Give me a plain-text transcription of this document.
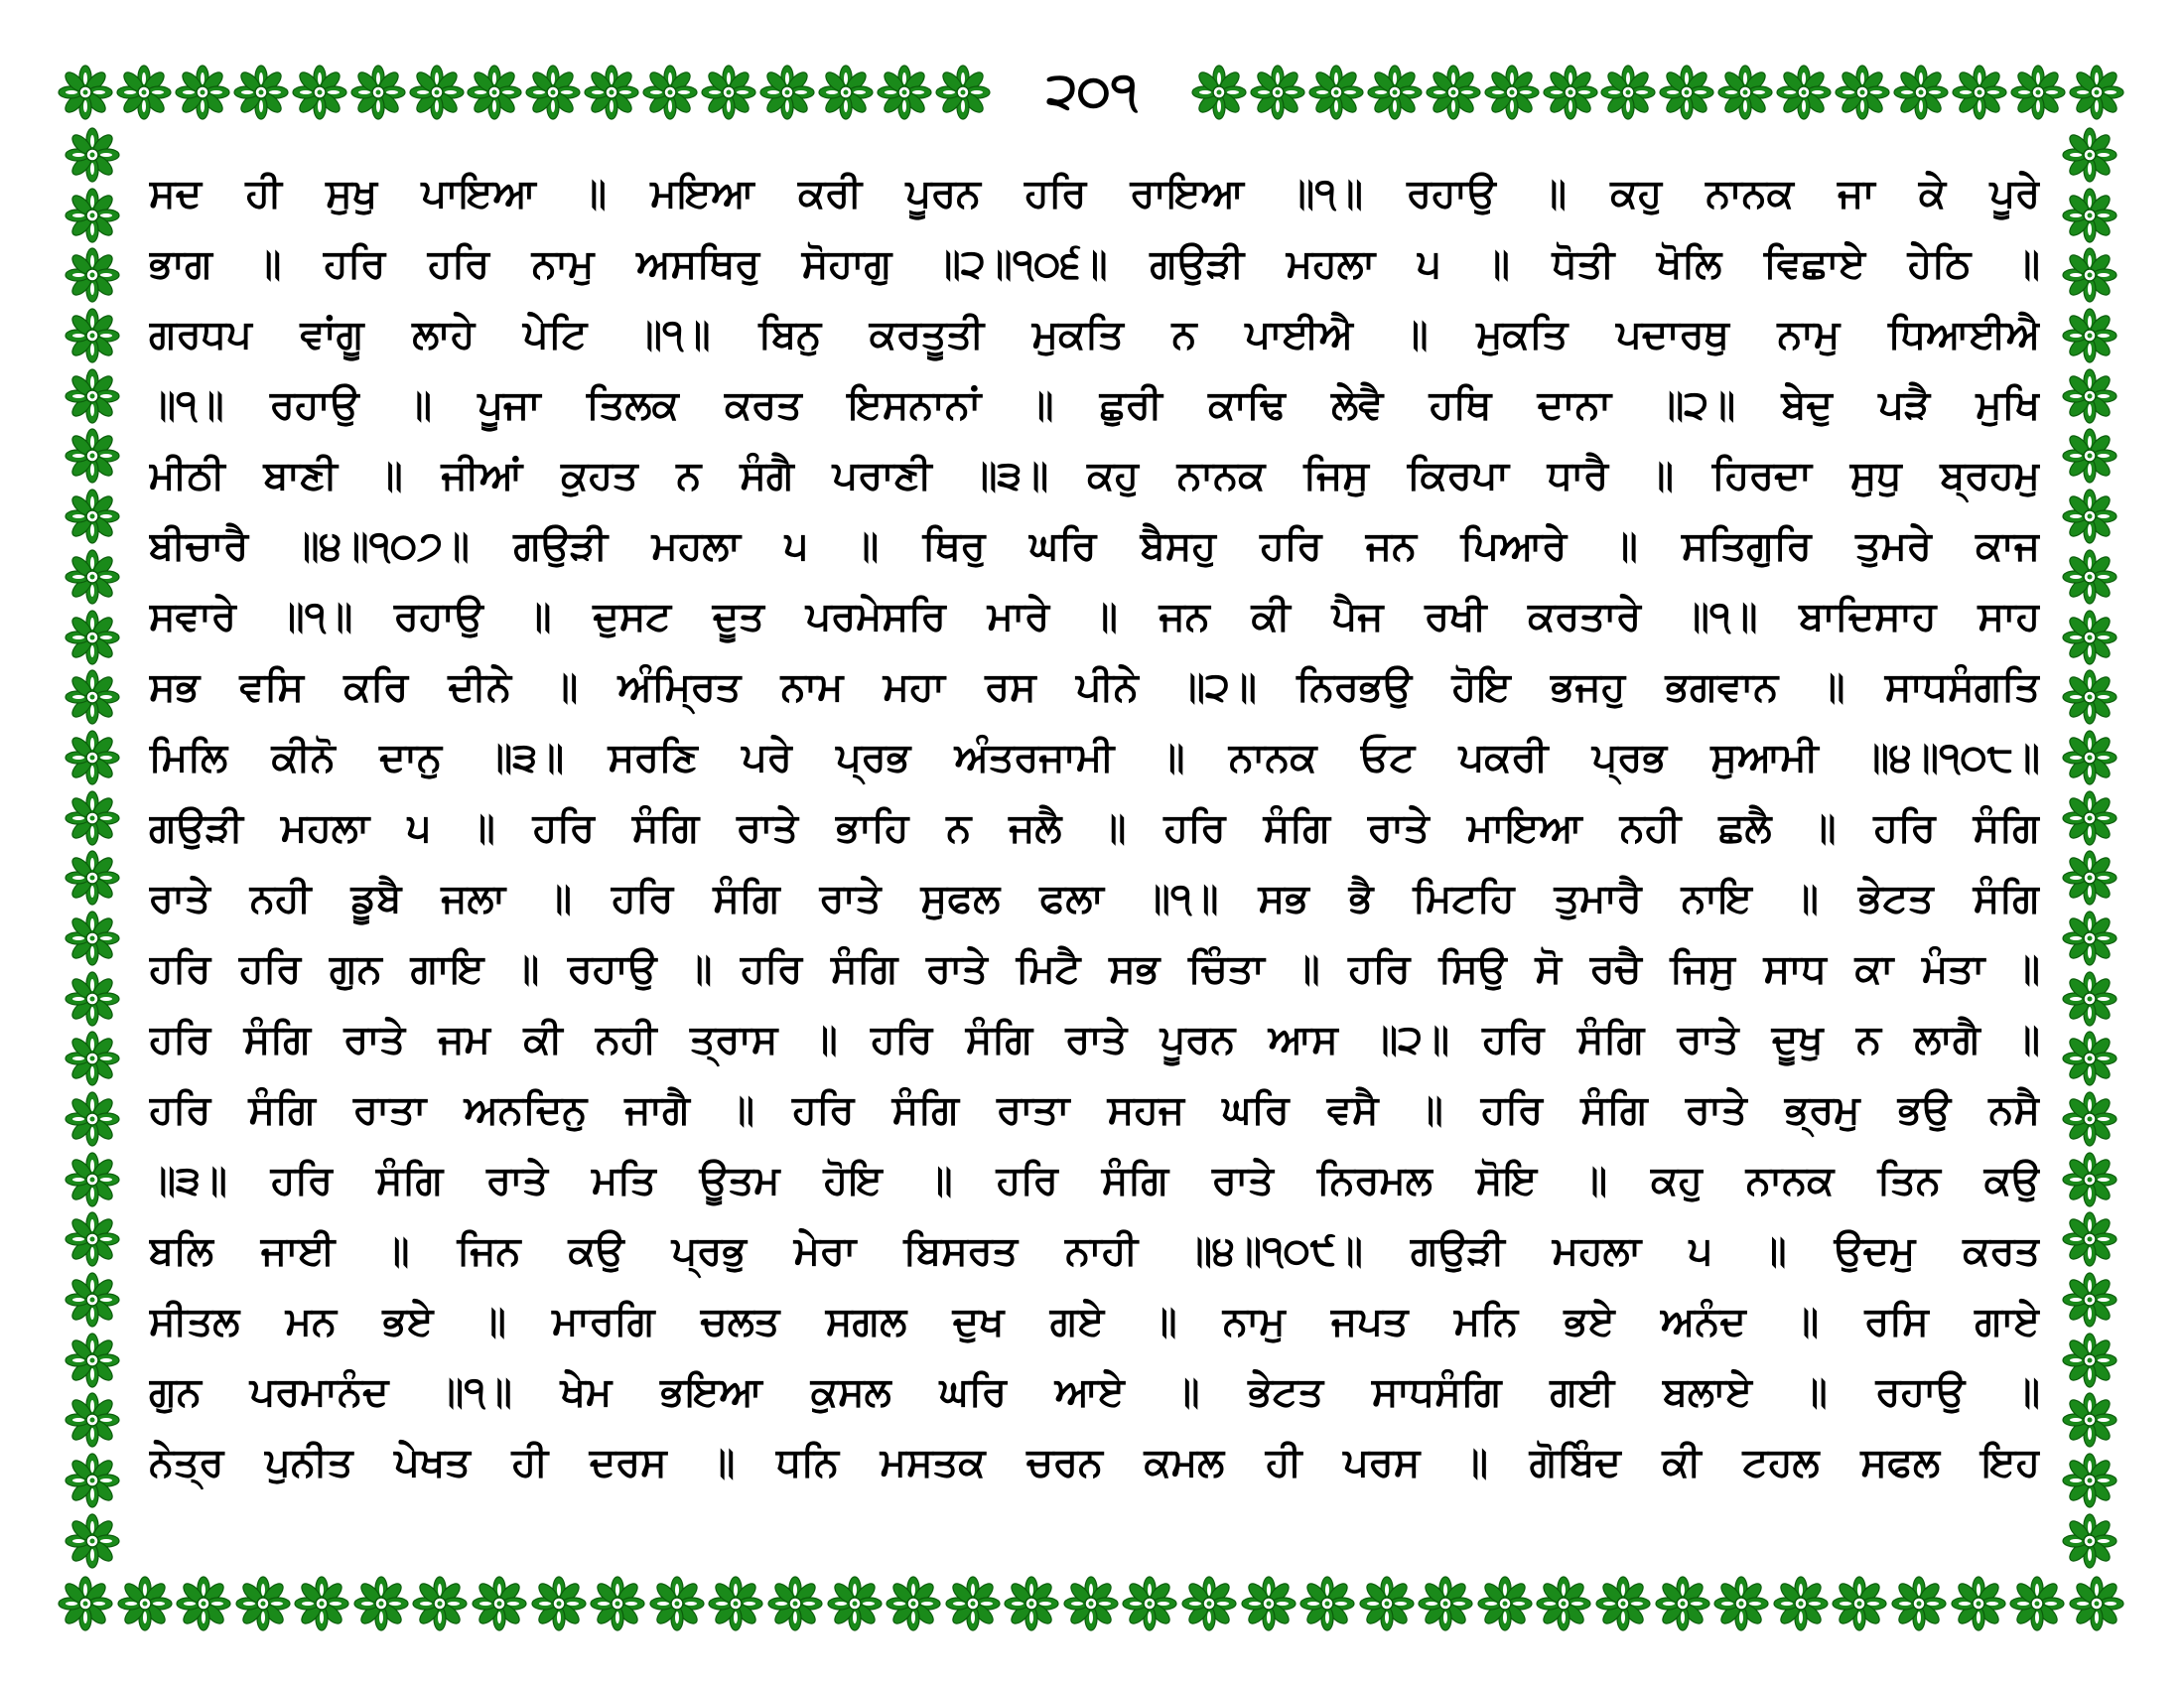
੨੦੧
ਸਦ ਹੀ ਸੁਖੁ ਪਾਇਆ ॥ ਮਇਆ ਕਰੀ ਪੂਰਨ ਹਰਿ ਰਾਇਆ ॥੧॥ ਰਹਾਉ ॥ ਕਹੁ ਨਾਨਕ ਜਾ ਕੇ ਪੂਰੇ
ਭਾਗ ॥ ਹਰਿ ਹਰਿ ਨਾਮੁ ਅਸਥਿਰੁ ਸੋਹਾਗੁ ॥੨॥੧੦੬॥ ਗਉੜੀ ਮਹਲਾ ੫ ॥ ਧੋਤੀ ਖੋਲਿ ਵਿਛਾਏ ਹੇਠਿ ॥
ਗਰਧਪ ਵਾਂਗੂ ਲਾਹੇ ਪੇਟਿ ॥੧॥ ਬਿਨੁ ਕਰਤੂਤੀ ਮੁਕਤਿ ਨ ਪਾਈਐ ॥ ਮੁਕਤਿ ਪਦਾਰਥੁ ਨਾਮੁ ਧਿਆਈਐ
॥੧॥ ਰਹਾਉ ॥ ਪੂਜਾ ਤਿਲਕ ਕਰਤ ਇਸਨਾਨਾਂ ॥ ਛੁਰੀ ਕਾਢਿ ਲੇਵੈ ਹਥਿ ਦਾਨਾ ॥੨॥ ਬੇਦੁ ਪੜੈ ਮੁਖਿ
ਮੀਠੀ ਬਾਣੀ ॥ ਜੀਆਂ ਕੁਹਤ ਨ ਸੰਗੈ ਪਰਾਣੀ ॥੩॥ ਕਹੁ ਨਾਨਕ ਜਿਸੁ ਕਿਰਪਾ ਧਾਰੈ ॥ ਹਿਰਦਾ ਸੁਧੁ ਬ੍ਰਹਮੁ
ਬੀਚਾਰੈ ॥੪॥੧੦੭॥ ਗਉੜੀ ਮਹਲਾ ੫ ॥ ਥਿਰੁ ਘਰਿ ਬੈਸਹੁ ਹਰਿ ਜਨ ਪਿਆਰੇ ॥ ਸਤਿਗੁਰਿ ਤੁਮਰੇ ਕਾਜ
ਸਵਾਰੇ ॥੧॥ ਰਹਾਉ ॥ ਦੁਸਟ ਦੂਤ ਪਰਮੇਸਰਿ ਮਾਰੇ ॥ ਜਨ ਕੀ ਪੈਜ ਰਖੀ ਕਰਤਾਰੇ ॥੧॥ ਬਾਦਿਸਾਹ ਸਾਹ
ਸਭ ਵਸਿ ਕਰਿ ਦੀਨੇ ॥ ਅੰਮ੍ਰਿਤ ਨਾਮ ਮਹਾ ਰਸ ਪੀਨੇ ॥੨॥ ਨਿਰਭਉ ਹੋਇ ਭਜਹੁ ਭਗਵਾਨ ॥ ਸਾਧਸੰਗਤਿ
ਮਿਲਿ ਕੀਨੋ ਦਾਨੁ ॥੩॥ ਸਰਣਿ ਪਰੇ ਪ੍ਰਭ ਅੰਤਰਜਾਮੀ ॥ ਨਾਨਕ ਓਟ ਪਕਰੀ ਪ੍ਰਭ ਸੁਆਮੀ ॥੪॥੧੦੮॥
ਗਉੜੀ ਮਹਲਾ ੫ ॥ ਹਰਿ ਸੰਗਿ ਰਾਤੇ ਭਾਹਿ ਨ ਜਲੈ ॥ ਹਰਿ ਸੰਗਿ ਰਾਤੇ ਮਾਇਆ ਨਹੀ ਛਲੈ ॥ ਹਰਿ ਸੰਗਿ
ਰਾਤੇ ਨਹੀ ਡੂਬੈ ਜਲਾ ॥ ਹਰਿ ਸੰਗਿ ਰਾਤੇ ਸੁਫਲ ਫਲਾ ॥੧॥ ਸਭ ਭੈ ਮਿਟਹਿ ਤੁਮਾਰੈ ਨਾਇ ॥ ਭੇਟਤ ਸੰਗਿ
ਹਰਿ ਹਰਿ ਗੁਨ ਗਾਇ ॥ ਰਹਾਉ ॥ ਹਰਿ ਸੰਗਿ ਰਾਤੇ ਮਿਟੈ ਸਭ ਚਿੰਤਾ ॥ ਹਰਿ ਸਿਉ ਸੋ ਰਚੈ ਜਿਸੁ ਸਾਧ ਕਾ ਮੰਤਾ ॥
ਹਰਿ ਸੰਗਿ ਰਾਤੇ ਜਮ ਕੀ ਨਹੀ ਤ੍ਰਾਸ ॥ ਹਰਿ ਸੰਗਿ ਰਾਤੇ ਪੂਰਨ ਆਸ ॥੨॥ ਹਰਿ ਸੰਗਿ ਰਾਤੇ ਦੂਖੁ ਨ ਲਾਗੈ ॥
ਹਰਿ ਸੰਗਿ ਰਾਤਾ ਅਨਦਿਨੁ ਜਾਗੈ ॥ ਹਰਿ ਸੰਗਿ ਰਾਤਾ ਸਹਜ ਘਰਿ ਵਸੈ ॥ ਹਰਿ ਸੰਗਿ ਰਾਤੇ ਭ੍ਰਮੁ ਭਉ ਨਸੈ
॥੩॥ ਹਰਿ ਸੰਗਿ ਰਾਤੇ ਮਤਿ ਊਤਮ ਹੋਇ ॥ ਹਰਿ ਸੰਗਿ ਰਾਤੇ ਨਿਰਮਲ ਸੋਇ ॥ ਕਹੁ ਨਾਨਕ ਤਿਨ ਕਉ
ਬਲਿ ਜਾਈ ॥ ਜਿਨ ਕਉ ਪ੍ਰਭੁ ਮੇਰਾ ਬਿਸਰਤ ਨਾਹੀ ॥੪॥੧੦੯॥ ਗਉੜੀ ਮਹਲਾ ੫ ॥ ਉਦਮੁ ਕਰਤ
ਸੀਤਲ ਮਨ ਭਏ ॥ ਮਾਰਗਿ ਚਲਤ ਸਗਲ ਦੁਖ ਗਏ ॥ ਨਾਮੁ ਜਪਤ ਮਨਿ ਭਏ ਅਨੰਦ ॥ ਰਸਿ ਗਾਏ
ਗੁਨ ਪਰਮਾਨੰਦ ॥੧॥ ਖੇਮ ਭਇਆ ਕੁਸਲ ਘਰਿ ਆਏ ॥ ਭੇਟਤ ਸਾਧਸੰਗਿ ਗਈ ਬਲਾਏ ॥ ਰਹਾਉ ॥
ਨੇਤ੍ਰ ਪੁਨੀਤ ਪੇਖਤ ਹੀ ਦਰਸ ॥ ਧਨਿ ਮਸਤਕ ਚਰਨ ਕਮਲ ਹੀ ਪਰਸ ॥ ਗੋਬਿੰਦ ਕੀ ਟਹਲ ਸਫਲ ਇਹ
